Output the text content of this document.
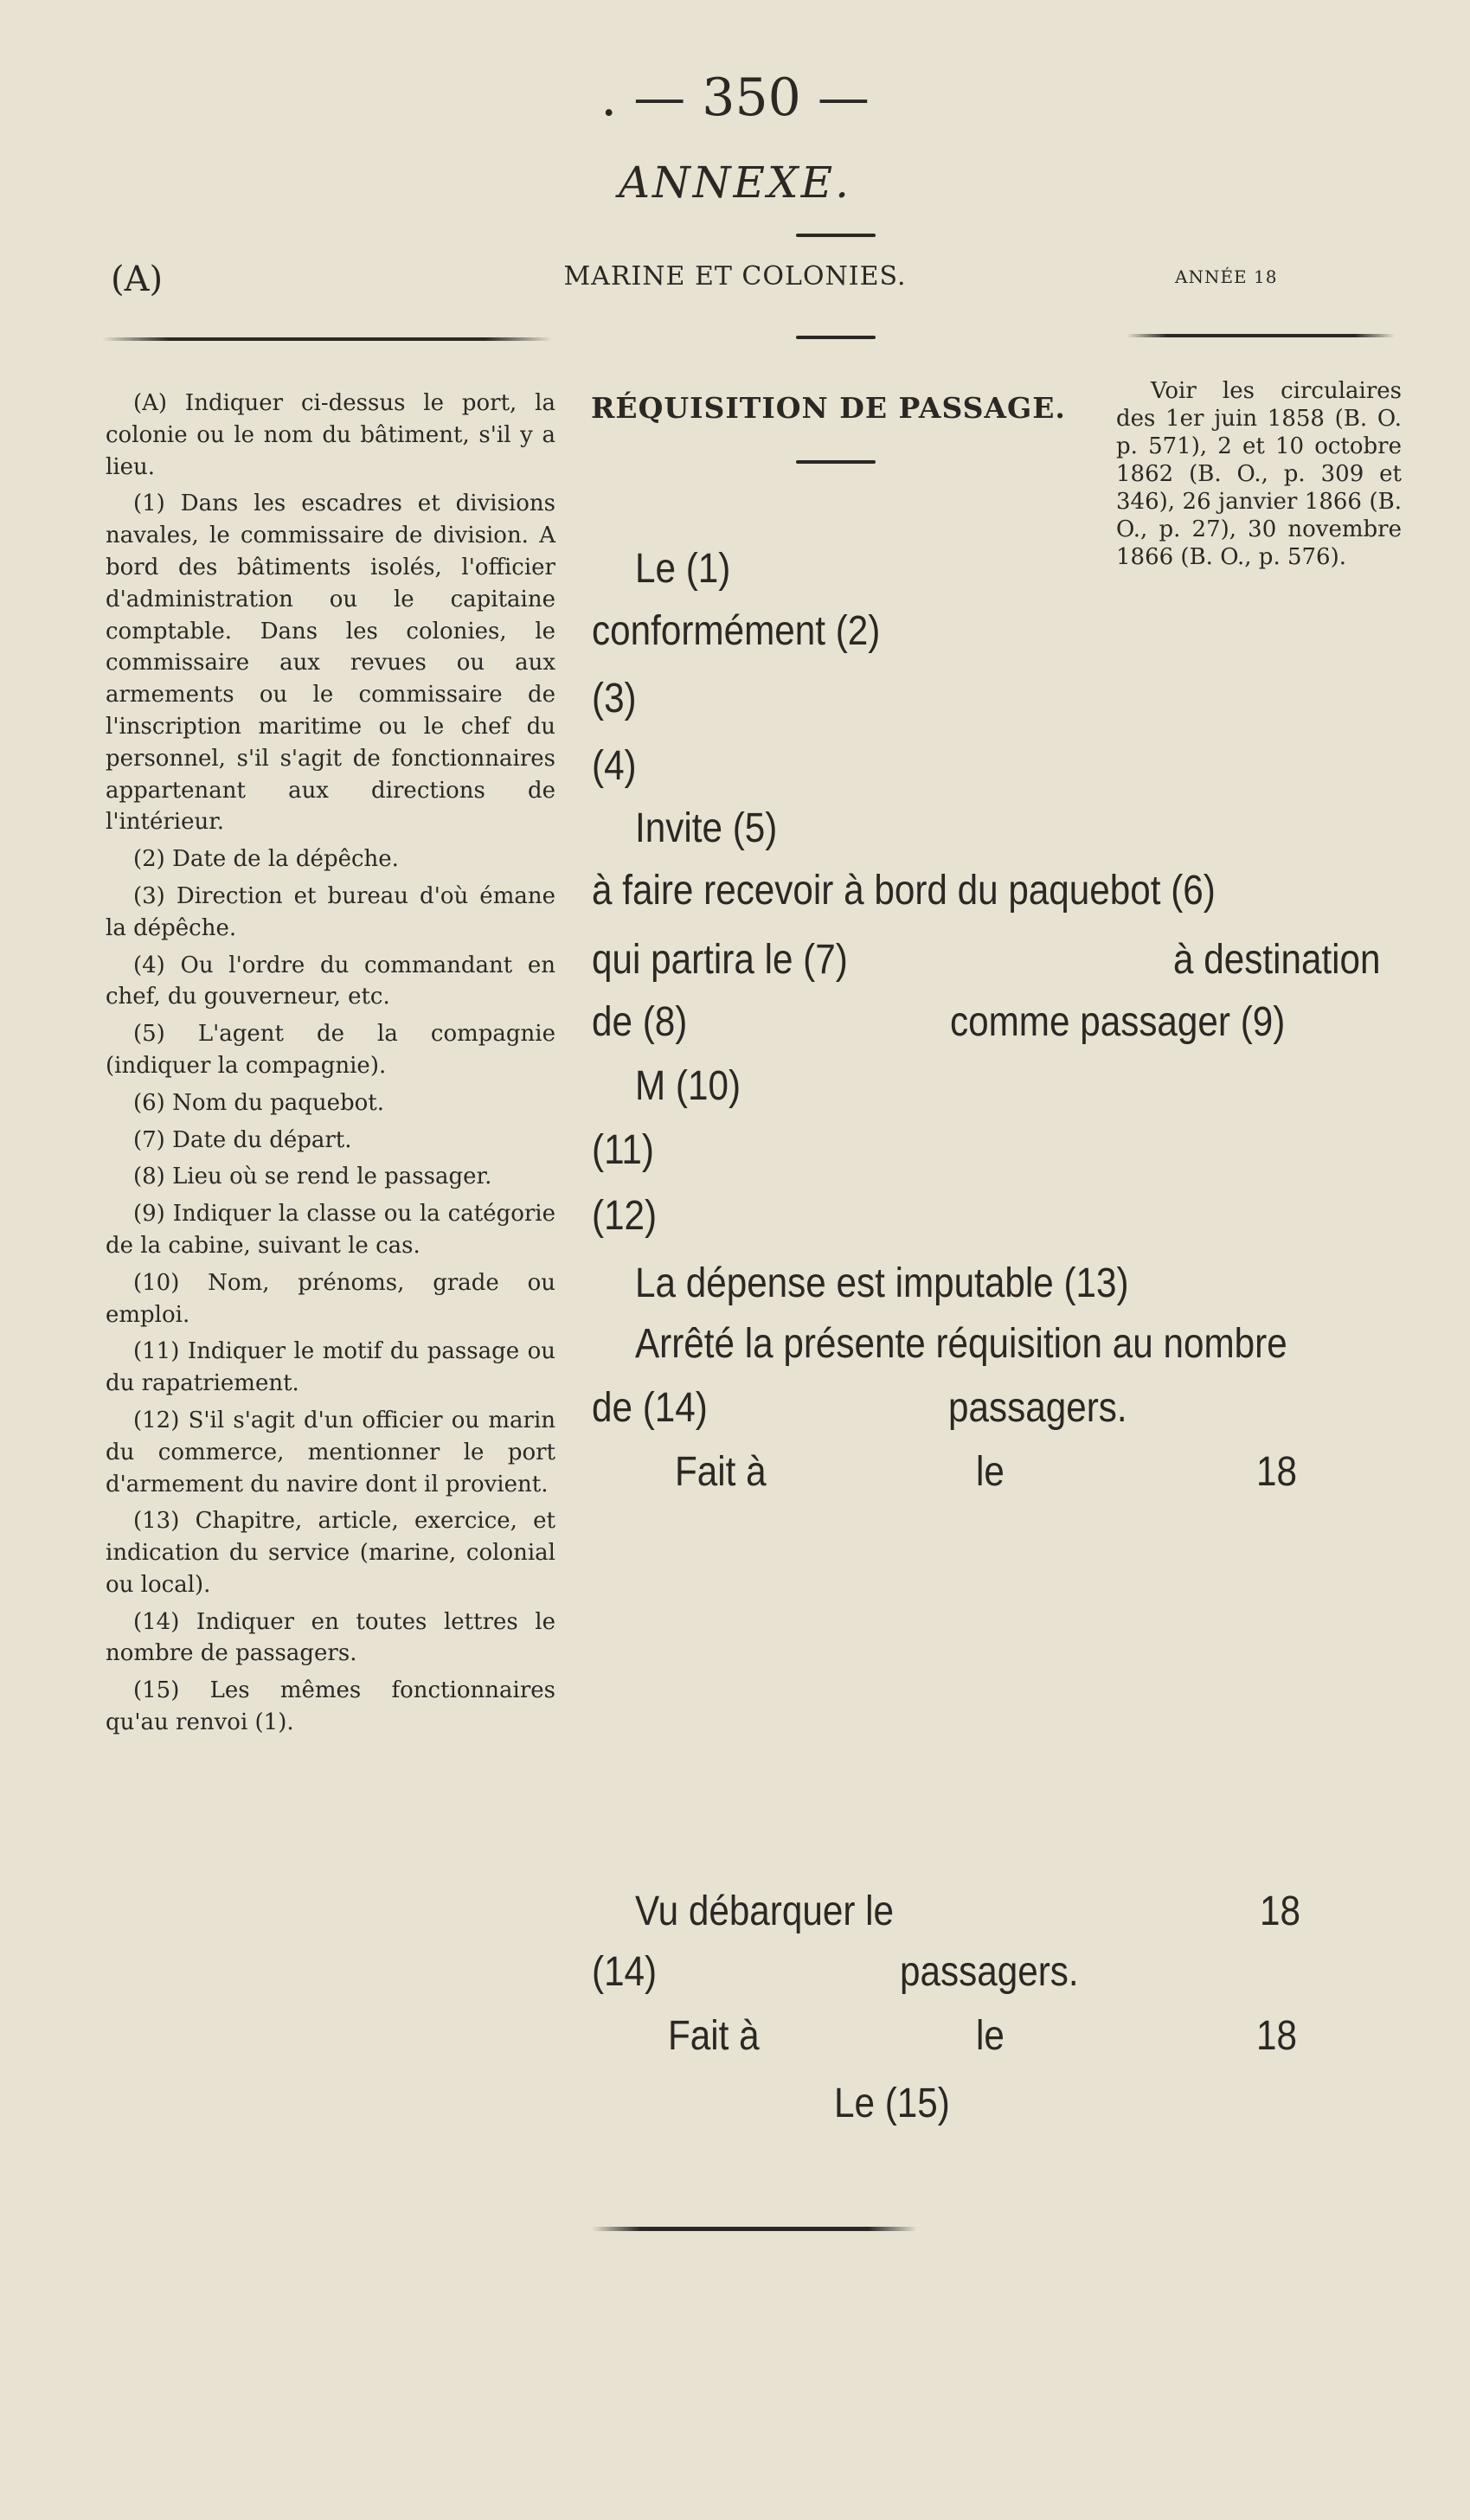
. — 350 —
ANNEXE.
(A)	MARINE ET COLONIES.	ANNÉE 18
RÉQUISITION DE PASSAGE.	Voir les circulaires des 1er juin 1858 (B. O. p. 571), 2 et 10 octobre 1862 (B. O., p. 309 et 346), 26 janvier 1866 (B. O., p. 27), 30 novembre 1866 (B. O., p. 576).

(A) Indiquer ci-dessus le port, la colonie ou le nom du bâtiment, s'il y a lieu.

(1) Dans les escadres et divisions navales, le commissaire de division. A bord des bâtiments isolés, l'officier d'administration ou le capitaine comptable. Dans les colonies, le commissaire aux revues ou aux armements ou le commissaire de l'inscription maritime ou le chef du personnel, s'il s'agit de fonctionnaires appartenant aux directions de l'intérieur.

(2) Date de la dépêche.

(3) Direction et bureau d'où émane la dépêche.

(4) Ou l'ordre du commandant en chef, du gouverneur, etc.

(5) L'agent de la compagnie (indiquer la compagnie).

(6) Nom du paquebot.

(7) Date du départ.

(8) Lieu où se rend le passager.

(9) Indiquer la classe ou la catégorie de la cabine, suivant le cas.

(10) Nom, prénoms, grade ou emploi.

(11) Indiquer le motif du passage ou du rapatriement.

(12) S'il s'agit d'un officier ou marin du commerce, mentionner le port d'armement du navire dont il provient.

(13) Chapitre, article, exercice, et indication du service (marine, colonial ou local).

(14) Indiquer en toutes lettres le nombre de passagers.

(15) Les mêmes fonctionnaires qu'au renvoi (1).

Le (1)
conformément (2)
(3)
(4)
Invite (5)
à faire recevoir à bord du paquebot (6)
qui partira le (7)	à destination
de (8)	comme passager (9)
M (10)
(11)
(12)
La dépense est imputable (13)
Arrêté la présente réquisition au nombre
de (14)	passagers.
Fait à	le	18
Vu débarquer le	18
(14)	passagers.
Fait à	le	18
Le (15)
